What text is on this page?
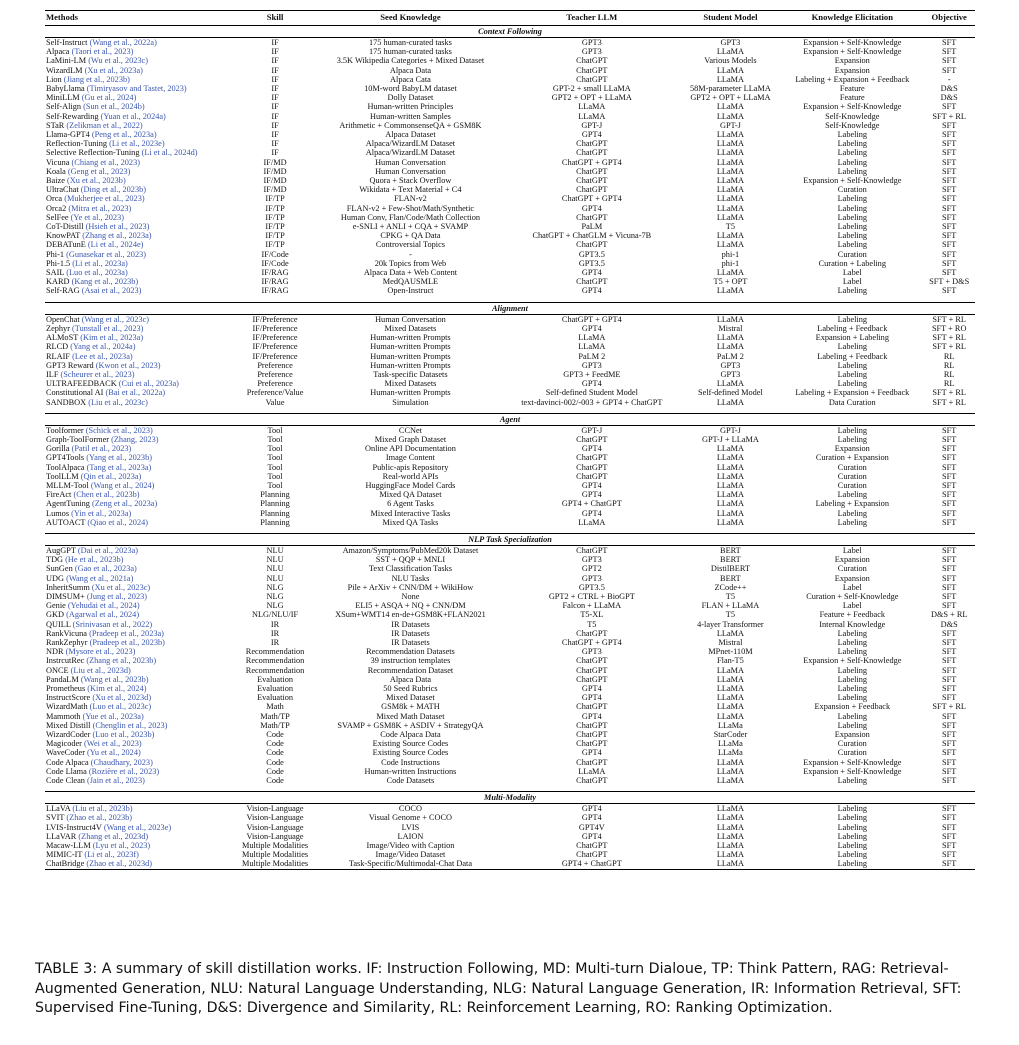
Methods	Skill	Seed Knowledge	Teacher LLM	Student Model	Knowledge Elicitation	Objective
Context Following						
Self-Instruct (Wang et al., 2022a)	IF	175 human-curated tasks	GPT3	GPT3	Expansion + Self-Knowledge	SFT
Alpaca (Taori et al., 2023)	IF	175 human-curated tasks	GPT3	LLaMA	Expansion + Self-Knowledge	SFT
LaMini-LM (Wu et al., 2023c)	IF	3.5K Wikipedia Categories + Mixed Dataset	ChatGPT	Various Models	Expansion	SFT
WizardLM (Xu et al., 2023a)	IF	Alpaca Data	ChatGPT	LLaMA	Expansion	SFT
Lion (Jiang et al., 2023b)	IF	Alpaca Cata	ChatGPT	LLaMA	Labeling + Expansion + Feedback	-
BabyLlama (Timiryasov and Tastet, 2023)	IF	10M-word BabyLM dataset	GPT-2 + small LLaMA	58M-parameter LLaMA	Feature	D&S
MiniLLM (Gu et al., 2024)	IF	Dolly Dataset	GPT2 + OPT + LLaMA	GPT2 + OPT + LLaMA	Feature	D&S
Self-Align (Sun et al., 2024b)	IF	Human-written Principles	LLaMA	LLaMA	Expansion + Self-Knowledge	SFT
Self-Rewarding (Yuan et al., 2024a)	IF	Human-written Samples	LLaMA	LLaMA	Self-Knowledge	SFT + RL
STaR (Zelikman et al., 2022)	IF	Arithmetic + CommonsenseQA + GSM8K	GPT-J	GPT-J	Self-Knowledge	SFT
Llama-GPT4 (Peng et al., 2023a)	IF	Alpaca Dataset	GPT4	LLaMA	Labeling	SFT
Reflection-Tuning (Li et al., 2023e)	IF	Alpaca/WizardLM Dataset	ChatGPT	LLaMA	Labeling	SFT
Selective Reflection-Tuning (Li et al., 2024d)	IF	Alpaca/WizardLM Dataset	ChatGPT	LLaMA	Labeling	SFT
Vicuna (Chiang et al., 2023)	IF/MD	Human Conversation	ChatGPT + GPT4	LLaMA	Labeling	SFT
Koala (Geng et al., 2023)	IF/MD	Human Conversation	ChatGPT	LLaMA	Labeling	SFT
Baize (Xu et al., 2023b)	IF/MD	Quora + Stack Overflow	ChatGPT	LLaMA	Expansion + Self-Knowledge	SFT
UltraChat (Ding et al., 2023b)	IF/MD	Wikidata + Text Material + C4	ChatGPT	LLaMA	Curation	SFT
Orca (Mukherjee et al., 2023)	IF/TP	FLAN-v2	ChatGPT + GPT4	LLaMA	Labeling	SFT
Orca2 (Mitra et al., 2023)	IF/TP	FLAN-v2 + Few-Shot/Math/Synthetic	GPT4	LLaMA	Labeling	SFT
SelFee (Ye et al., 2023)	IF/TP	Human Conv, Flan/Code/Math Collection	ChatGPT	LLaMA	Labeling	SFT
CoT-Distill (Hsieh et al., 2023)	IF/TP	e-SNLI + ANLI + CQA + SVAMP	PaLM	T5	Labeling	SFT
KnowPAT (Zhang et al., 2023a)	IF/TP	CPKG + QA Data	ChatGPT + ChatGLM + Vicuna-7B	LLaMA	Labeling	SFT
DEBATunE (Li et al., 2024e)	IF/TP	Controversial Topics	ChatGPT	LLaMA	Labeling	SFT
Phi-1 (Gunasekar et al., 2023)	IF/Code	-	GPT3.5	phi-1	Curation	SFT
Phi-1.5 (Li et al., 2023a)	IF/Code	20k Topics from Web	GPT3.5	phi-1	Curation + Labeling	SFT
SAIL (Luo et al., 2023a)	IF/RAG	Alpaca Data + Web Content	GPT4	LLaMA	Label	SFT
KARD (Kang et al., 2023b)	IF/RAG	MedQAUSMLE	ChatGPT	T5 + OPT	Label	SFT + D&S
Self-RAG (Asai et al., 2023)	IF/RAG	Open-Instruct	GPT4	LLaMA	Labeling	SFT

Alignment						
OpenChat (Wang et al., 2023c)	IF/Preference	Human Conversation	ChatGPT + GPT4	LLaMA	Labeling	SFT + RL
Zephyr (Tunstall et al., 2023)	IF/Preference	Mixed Datasets	GPT4	Mistral	Labeling + Feedback	SFT + RO
ALMoST (Kim et al., 2023a)	IF/Preference	Human-written Prompts	LLaMA	LLaMA	Expansion + Labeling	SFT + RL
RLCD (Yang et al., 2024a)	IF/Preference	Human-written Prompts	LLaMA	LLaMA	Labeling	SFT + RL
RLAIF (Lee et al., 2023a)	IF/Preference	Human-written Prompts	PaLM 2	PaLM 2	Labeling + Feedback	RL
GPT3 Reward (Kwon et al., 2023)	Preference	Human-written Prompts	GPT3	GPT3	Labeling	RL
ILF (Scheurer et al., 2023)	Preference	Task-specific Datasets	GPT3 + FeedME	GPT3	Labeling	RL
ULTRAFEEDBACK (Cui et al., 2023a)	Preference	Mixed Datasets	GPT4	LLaMA	Labeling	RL
Constitutional AI (Bai et al., 2022a)	Preference/Value	Human-written Prompts	Self-defined Student Model	Self-defined Model	Labeling + Expansion + Feedback	SFT + RL
SANDBOX (Liu et al., 2023c)	Value	Simulation	text-davinci-002/-003 + GPT4 + ChatGPT	LLaMA	Data Curation	SFT + RL

Agent						
Toolformer (Schick et al., 2023)	Tool	CCNet	GPT-J	GPT-J	Labeling	SFT
Graph-ToolFormer (Zhang, 2023)	Tool	Mixed Graph Dataset	ChatGPT	GPT-J + LLaMA	Labeling	SFT
Gorilla (Patil et al., 2023)	Tool	Online API Documentation	GPT4	LLaMA	Expansion	SFT
GPT4Tools (Yang et al., 2023b)	Tool	Image Content	ChatGPT	LLaMA	Curation + Expansion	SFT
ToolAlpaca (Tang et al., 2023a)	Tool	Public-apis Repository	ChatGPT	LLaMA	Curation	SFT
ToolLLM (Qin et al., 2023a)	Tool	Real-world APIs	ChatGPT	LLaMA	Curation	SFT
MLLM-Tool (Wang et al., 2024)	Tool	HuggingFace Model Cards	GPT4	LLaMA	Curation	SFT
FireAct (Chen et al., 2023b)	Planning	Mixed QA Dataset	GPT4	LLaMA	Labeling	SFT
AgentTuning (Zeng et al., 2023a)	Planning	6 Agent Tasks	GPT4 + ChatGPT	LLaMA	Labeling + Expansion	SFT
Lumos (Yin et al., 2023a)	Planning	Mixed Interactive Tasks	GPT4	LLaMA	Labeling	SFT
AUTOACT (Qiao et al., 2024)	Planning	Mixed QA Tasks	LLaMA	LLaMA	Labeling	SFT

NLP Task Specialization						
AugGPT (Dai et al., 2023a)	NLU	Amazon/Symptoms/PubMed20k Dataset	ChatGPT	BERT	Label	SFT
TDG (He et al., 2023b)	NLU	SST + QQP + MNLI	GPT3	BERT	Expansion	SFT
SunGen (Gao et al., 2023a)	NLU	Text Classification Tasks	GPT2	DistilBERT	Curation	SFT
UDG (Wang et al., 2021a)	NLU	NLU Tasks	GPT3	BERT	Expansion	SFT
InheritSumm (Xu et al., 2023c)	NLG	Pile + ArXiv + CNN/DM + WikiHow	GPT3.5	ZCode++	Label	SFT
DIMSUM+ (Jung et al., 2023)	NLG	None	GPT2 + CTRL + BioGPT	T5	Curation + Self-Knowledge	SFT
Genie (Yehudai et al., 2024)	NLG	ELI5 + ASQA + NQ + CNN/DM	Falcon + LLaMA	FLAN + LLaMA	Label	SFT
GKD (Agarwal et al., 2024)	NLG/NLU/IF	XSum+WMT14 en-de+GSM8K+FLAN2021	T5-XL	T5	Feature + Feedback	D&S + RL
QUILL (Srinivasan et al., 2022)	IR	IR Datasets	T5	4-layer Transformer	Internal Knowledge	D&S
RankVicuna (Pradeep et al., 2023a)	IR	IR Datasets	ChatGPT	LLaMA	Labeling	SFT
RankZephyr (Pradeep et al., 2023b)	IR	IR Datasets	ChatGPT + GPT4	Mistral	Labeling	SFT
NDR (Mysore et al., 2023)	Recommendation	Recommendation Datasets	GPT3	MPnet-110M	Labeling	SFT
InstrcutRec (Zhang et al., 2023b)	Recommendation	39 instruction templates	ChatGPT	Flan-T5	Expansion + Self-Knowledge	SFT
ONCE (Liu et al., 2023d)	Recommendation	Recommendation Dataset	ChatGPT	LLaMA	Labeling	SFT
PandaLM (Wang et al., 2023b)	Evaluation	Alpaca Data	ChatGPT	LLaMA	Labeling	SFT
Prometheus (Kim et al., 2024)	Evaluation	50 Seed Rubrics	GPT4	LLaMA	Labeling	SFT
InstructScore (Xu et al., 2023d)	Evaluation	Mixed Dataset	GPT4	LLaMA	Labeling	SFT
WizardMath (Luo et al., 2023c)	Math	GSM8k + MATH	ChatGPT	LLaMA	Expansion + Feedback	SFT + RL
Mammoth (Yue et al., 2023a)	Math/TP	Mixed Math Dataset	GPT4	LLaMA	Labeling	SFT
Mixed Distill (Chenglin et al., 2023)	Math/TP	SVAMP + GSM8K + ASDIV + StrategyQA	ChatGPT	LLaMa	Labeling	SFT
WizardCoder (Luo et al., 2023b)	Code	Code Alpaca Data	ChatGPT	StarCoder	Expansion	SFT
Magicoder (Wei et al., 2023)	Code	Existing Source Codes	ChatGPT	LLaMa	Curation	SFT
WaveCoder (Yu et al., 2024)	Code	Existing Source Codes	GPT4	LLaMa	Curation	SFT
Code Alpaca (Chaudhary, 2023)	Code	Code Instructions	ChatGPT	LLaMA	Expansion + Self-Knowledge	SFT
Code Llama (Rozière et al., 2023)	Code	Human-written Instructions	LLaMA	LLaMA	Expansion + Self-Knowledge	SFT
Code Clean (Jain et al., 2023)	Code	Code Datasets	ChatGPT	LLaMA	Labeling	SFT

Multi-Modality						
LLaVA (Liu et al., 2023b)	Vision-Language	COCO	GPT4	LLaMA	Labeling	SFT
SVIT (Zhao et al., 2023b)	Vision-Language	Visual Genome + COCO	GPT4	LLaMA	Labeling	SFT
LVIS-Instruct4V (Wang et al., 2023e)	Vision-Language	LVIS	GPT4V	LLaMA	Labeling	SFT
LLaVAR (Zhang et al., 2023d)	Vision-Language	LAION	GPT4	LLaMA	Labeling	SFT
Macaw-LLM (Lyu et al., 2023)	Multiple Modalities	Image/Video with Caption	ChatGPT	LLaMA	Labeling	SFT
MIMIC-IT (Li et al., 2023f)	Multiple Modalities	Image/Video Dataset	ChatGPT	LLaMA	Labeling	SFT
ChatBridge (Zhao et al., 2023d)	Multiple Modalities	Task-Specific/Multimodal-Chat Data	GPT4 + ChatGPT	LLaMA	Labeling	SFT
TABLE 3: A summary of skill distillation works. IF: Instruction Following, MD: Multi-turn Dialoue, TP: Think Pattern, RAG: Retrieval-Augmented Generation, NLU: Natural Language Understanding, NLG: Natural Language Generation, IR: Information Retrieval, SFT: Supervised Fine-Tuning, D&S: Divergence and Similarity, RL: Reinforcement Learning, RO: Ranking Optimization.
